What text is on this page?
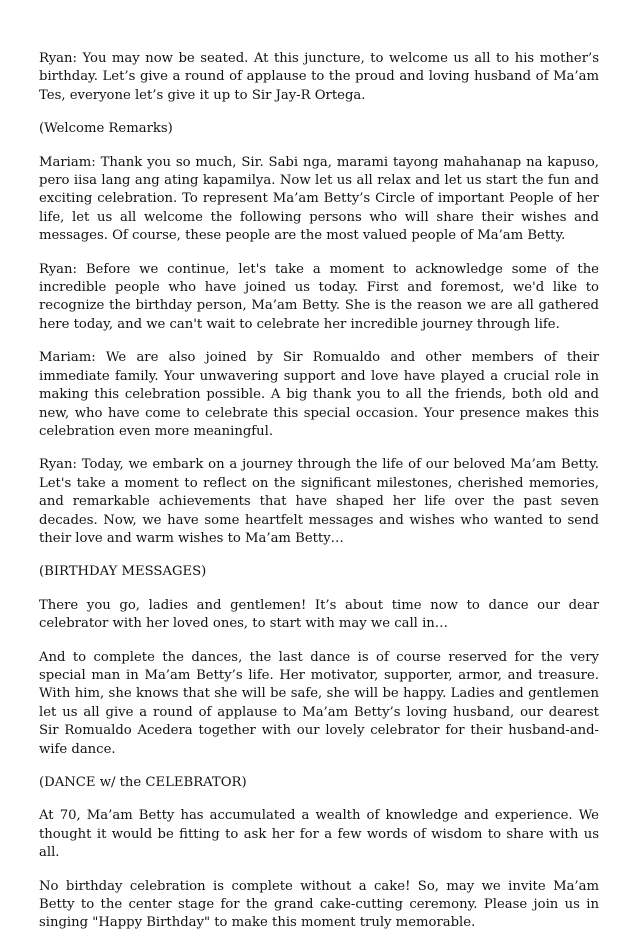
Ryan: You may now be seated. At this juncture, to welcome us all to his mother’s birthday. Let’s give a round of applause to the proud and loving husband of Ma’am Tes, everyone let’s give it up to Sir Jay-R Ortega.

(Welcome Remarks)

Mariam: Thank you so much, Sir. Sabi nga, marami tayong mahahanap na kapuso, pero iisa lang ang ating kapamilya. Now let us all relax and let us start the fun and exciting celebration. To represent Ma’am Betty’s Circle of important People of her life, let us all welcome the following persons who will share their wishes and messages. Of course, these people are the most valued people of Ma’am Betty.

Ryan: Before we continue, let's take a moment to acknowledge some of the incredible people who have joined us today. First and foremost, we'd like to recognize the birthday person, Ma’am Betty. She is the reason we are all gathered here today, and we can't wait to celebrate her incredible journey through life.

Mariam: We are also joined by Sir Romualdo and other members of their immediate family. Your unwavering support and love have played a crucial role in making this celebration possible. A big thank you to all the friends, both old and new, who have come to celebrate this special occasion. Your presence makes this celebration even more meaningful.

Ryan: Today, we embark on a journey through the life of our beloved Ma’am Betty. Let's take a moment to reflect on the significant milestones, cherished memories, and remarkable achievements that have shaped her life over the past seven decades. Now, we have some heartfelt messages and wishes who wanted to send their love and warm wishes to Ma’am Betty…

(BIRTHDAY MESSAGES)

There you go, ladies and gentlemen! It’s about time now to dance our dear celebrator with her loved ones, to start with may we call in…

And to complete the dances, the last dance is of course reserved for the very special man in Ma’am Betty’s life. Her motivator, supporter, armor, and treasure. With him, she knows that she will be safe, she will be happy. Ladies and gentlemen let us all give a round of applause to Ma’am Betty’s loving husband, our dearest Sir Romualdo Acedera together with our lovely celebrator for their husband-and-wife dance.

(DANCE w/ the CELEBRATOR)

At 70, Ma’am Betty has accumulated a wealth of knowledge and experience. We thought it would be fitting to ask her for a few words of wisdom to share with us all.

No birthday celebration is complete without a cake! So, may we invite Ma’am Betty to the center stage for the grand cake-cutting ceremony. Please join us in singing "Happy Birthday" to make this moment truly memorable.
